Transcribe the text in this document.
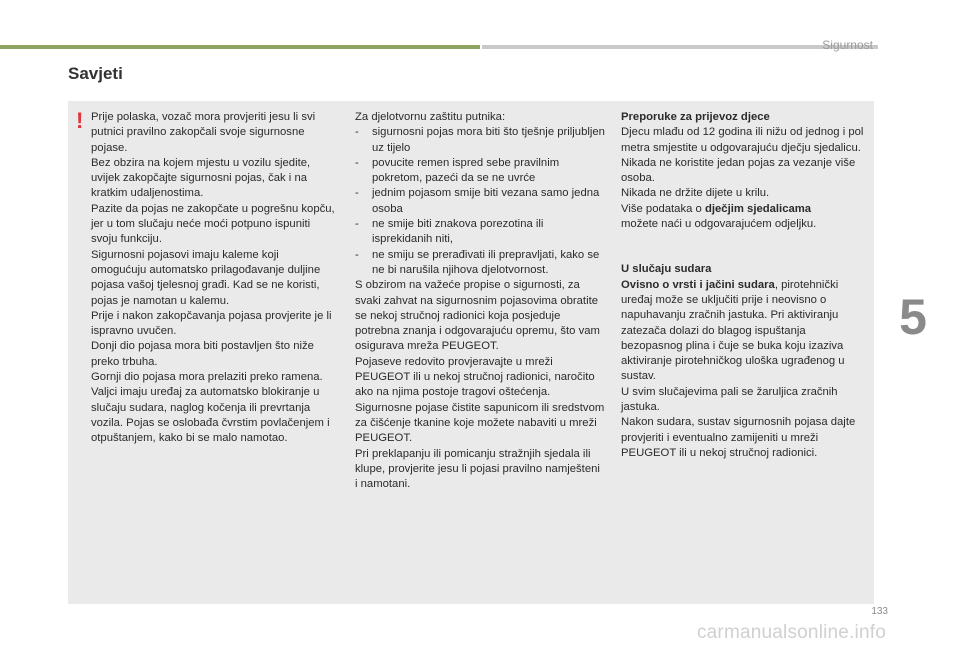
Sigurnost
Savjeti
! Prije polaska, vozač mora provjeriti jesu li svi putnici pravilno zakopčali svoje sigurnosne pojase.

Bez obzira na kojem mjestu u vozilu sjedite, uvijek zakopčajte sigurnosni pojas, čak i na kratkim udaljenostima.

Pazite da pojas ne zakopčate u pogrešnu kopču, jer u tom slučaju neće moći potpuno ispuniti svoju funkciju.

Sigurnosni pojasovi imaju kaleme koji omogućuju automatsko prilagođavanje duljine pojasa vašoj tjelesnoj građi. Kad se ne koristi, pojas je namotan u kalemu.

Prije i nakon zakopčavanja pojasa provjerite je li ispravno uvučen.

Donji dio pojasa mora biti postavljen što niže preko trbuha.

Gornji dio pojasa mora prelaziti preko ramena.

Valjci imaju uređaj za automatsko blokiranje u slučaju sudara, naglog kočenja ili prevrtanja vozila. Pojas se oslobađa čvrstim povlačenjem i otpuštanjem, kako bi se malo namotao.

Za djelotvornu zaštitu putnika:

- sigurnosni pojas mora biti što tješnje priljubljen uz tijelo
- povucite remen ispred sebe pravilnim pokretom, pazeći da se ne uvrće
- jednim pojasom smije biti vezana samo jedna osoba
- ne smije biti znakova porezotina ili isprekidanih niti,
- ne smiju se prerađivati ili prepravljati, kako se ne bi narušila njihova djelotvornost.

S obzirom na važeće propise o sigurnosti, za svaki zahvat na sigurnosnim pojasovima obratite se nekoj stručnoj radionici koja posjeduje potrebna znanja i odgovarajuću opremu, što vam osigurava mreža PEUGEOT.

Pojaseve redovito provjeravajte u mreži PEUGEOT ili u nekoj stručnoj radionici, naročito ako na njima postoje tragovi oštećenja.

Sigurnosne pojase čistite sapunicom ili sredstvom za čišćenje tkanine koje možete nabaviti u mreži PEUGEOT.

Pri preklapanju ili pomicanju stražnjih sjedala ili klupe, provjerite jesu li pojasi pravilno namješteni i namotani.

Preporuke za prijevoz djece

Djecu mlađu od 12 godina ili nižu od jednog i pol metra smjestite u odgovarajuću dječju sjedalicu.

Nikada ne koristite jedan pojas za vezanje više osoba.

Nikada ne držite dijete u krilu.

Više podataka o dječjim sjedalicama

možete naći u odgovarajućem odjeljku.

U slučaju sudara

Ovisno o vrsti i jačini sudara, pirotehnički uređaj može se uključiti prije i neovisno o napuhavanju zračnih jastuka. Pri aktiviranju zatezača dolazi do blagog ispuštanja bezopasnog plina i čuje se buka koju izaziva aktiviranje pirotehničkog uloška ugrađenog u sustav.

U svim slučajevima pali se žaruljica zračnih jastuka.

Nakon sudara, sustav sigurnosnih pojasa dajte provjeriti i eventualno zamijeniti u mreži PEUGEOT ili u nekoj stručnoj radionici.

5
133
carmanualsonline.info
